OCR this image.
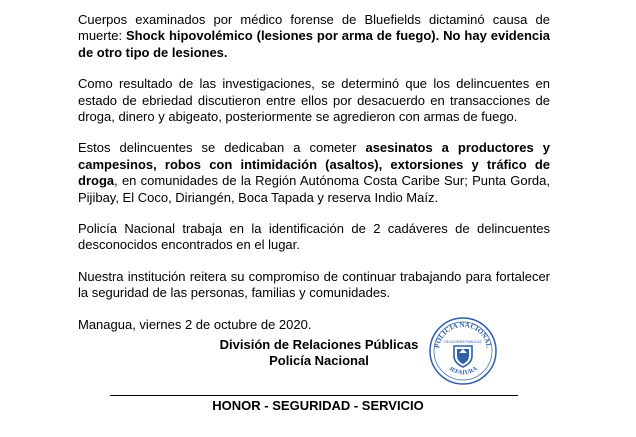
Cuerpos examinados por médico forense de Bluefields dictaminó causa de muerte: Shock hipovolémico (lesiones por arma de fuego). No hay evidencia de otro tipo de lesiones.

Como resultado de las investigaciones, se determinó que los delincuentes en estado de ebriedad discutieron entre ellos por desacuerdo en transacciones de droga, dinero y abigeato, posteriormente se agredieron con armas de fuego.

Estos delincuentes se dedicaban a cometer asesinatos a productores y campesinos, robos con intimidación (asaltos), extorsiones y tráfico de droga, en comunidades de la Región Autónoma Costa Caribe Sur; Punta Gorda, Pijibay, El Coco, Diriangén, Boca Tapada y reserva Indio Maíz.

Policía Nacional trabaja en la identificación de 2 cadáveres de delincuentes desconocidos encontrados en el lugar.

Nuestra institución reitera su compromiso de continuar trabajando para fortalecer la seguridad de las personas, familias y comunidades.

Managua, viernes 2 de octubre de 2020.

División de Relaciones Públicas
Policía Nacional
POLICIA NACIONAL
RELACIONES PUBLICAS
JEFATURA
HONOR - SEGURIDAD - SERVICIO
